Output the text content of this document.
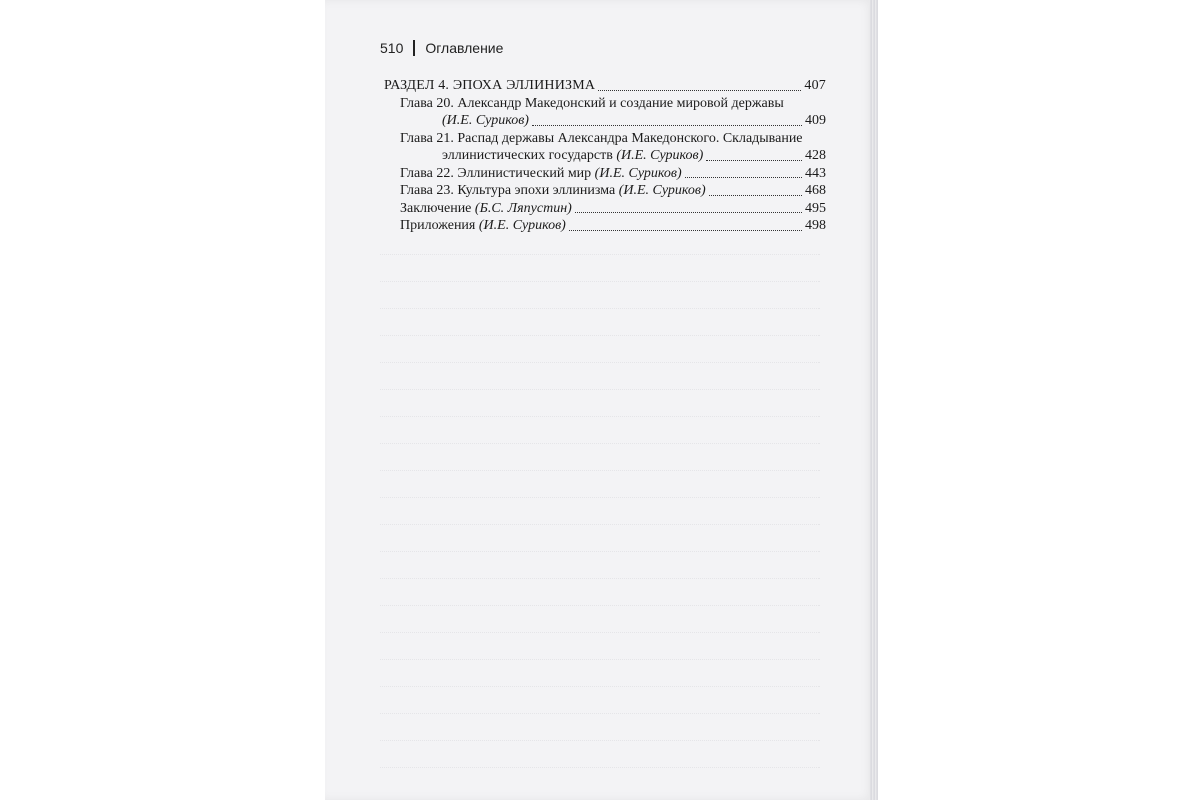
510 Оглавление
РАЗДЕЛ 4. ЭПОХА ЭЛЛИНИЗМА	407
Глава 20. Александр Македонский и создание мировой державы
(И.Е. Суриков)	409
Глава 21. Распад державы Александра Македонского. Складывание
эллинистических государств (И.Е. Суриков)	428
Глава 22. Эллинистический мир (И.Е. Суриков)	443
Глава 23. Культура эпохи эллинизма (И.Е. Суриков)	468
Заключение (Б.С. Ляпустин)	495
Приложения (И.Е. Суриков)	498
